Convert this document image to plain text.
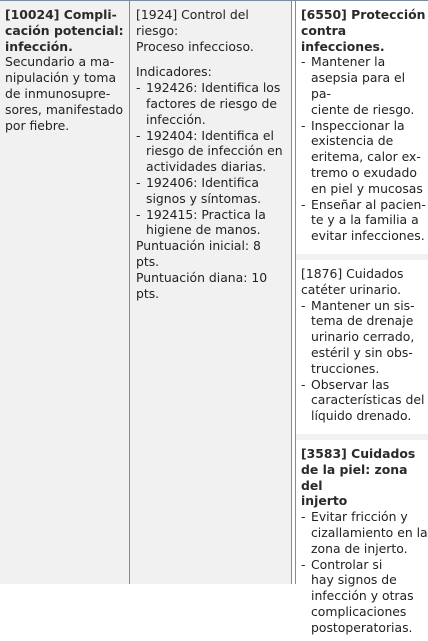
[10024] Compli-
cación potencial:
infección.
Secundario a ma-
nipulación y toma
de inmunosupre-
sores, manifestado
por fiebre.
[1924] Control del riesgo:
Proceso infeccioso.
Indicadores:
- 192426: Identifica los
factores de riesgo de
infección.
- 192404: Identifica el
riesgo de infección en
actividades diarias.
- 192406: Identifica
signos y síntomas.
- 192415: Practica la
higiene de manos.
Puntuación inicial: 8 pts.
Puntuación diana: 10 pts.
[6550] Protección
contra infecciones.
- Mantener la
asepsia para el pa-
ciente de riesgo.
- Inspeccionar la
existencia de
eritema, calor ex-
tremo o exudado
en piel y mucosas
- Enseñar al pacien-
te y a la familia a
evitar infecciones.
[1876] Cuidados
catéter urinario.
- Mantener un sis-
tema de drenaje
urinario cerrado,
estéril y sin obs-
trucciones.
- Observar las
características del
líquido drenado.
[3583] Cuidados
de la piel: zona del
injerto
- Evitar fricción y
cizallamiento en la
zona de injerto.
- Controlar si
hay signos de
infección y otras
complicaciones
postoperatorias.
